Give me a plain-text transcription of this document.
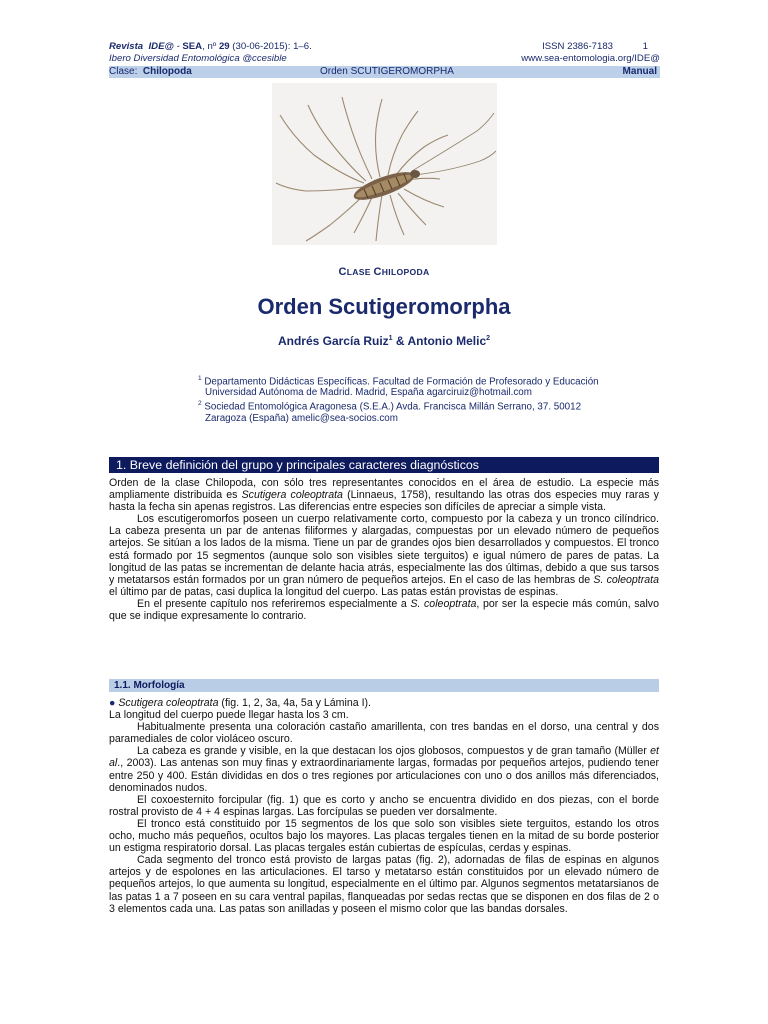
Revista IDE@ - SEA, nº 29 (30-06-2015): 1–6.	ISSN 2386-7183	1
Ibero Diversidad Entomológica @ccesible	www.sea-entomologia.org/IDE@
Clase: Chilopoda	Orden SCUTIGEROMORPHA	Manual
CLASE CHILOPODA
Orden Scutigeromorpha
Andrés García Ruiz$^1$ & Antonio Melic$^2$
$^1$ Departamento Didácticas Específicas. Facultad de Formación de Profesorado y Educación
Universidad Autónoma de Madrid. Madrid, España agarciruiz@hotmail.com
$^2$ Sociedad Entomológica Aragonesa (S.E.A.) Avda. Francisca Millán Serrano, 37. 50012
Zaragoza (España) amelic@sea-socios.com
1. Breve definición del grupo y principales caracteres diagnósticos

Orden de la clase Chilopoda, con sólo tres representantes conocidos en el área de estudio. La especie más ampliamente distribuida es Scutigera coleoptrata (Linnaeus, 1758), resultando las otras dos especies muy raras y hasta la fecha sin apenas registros. Las diferencias entre especies son difíciles de apreciar a simple vista.

Los escutigeromorfos poseen un cuerpo relativamente corto, compuesto por la cabeza y un tronco cilíndrico. La cabeza presenta un par de antenas filiformes y alargadas, compuestas por un elevado número de pequeños artejos. Se sitúan a los lados de la misma. Tiene un par de grandes ojos bien desarrollados y compuestos. El tronco está formado por 15 segmentos (aunque solo son visibles siete terguitos) e igual número de pares de patas. La longitud de las patas se incrementan de delante hacia atrás, especialmente las dos últimas, debido a que sus tarsos y metatarsos están formados por un gran número de pequeños artejos. En el caso de las hembras de S. coleoptrata el último par de patas, casi duplica la longitud del cuerpo. Las patas están provistas de espinas.

En el presente capítulo nos referiremos especialmente a S. coleoptrata, por ser la especie más común, salvo que se indique expresamente lo contrario.

1.1. Morfología

● Scutigera coleoptrata (fig. 1, 2, 3a, 4a, 5a y Lámina I).

La longitud del cuerpo puede llegar hasta los 3 cm.

Habitualmente presenta una coloración castaño amarillenta, con tres bandas en el dorso, una central y dos paramediales de color violáceo oscuro.

La cabeza es grande y visible, en la que destacan los ojos globosos, compuestos y de gran tamaño (Müller et al., 2003). Las antenas son muy finas y extraordinariamente largas, formadas por pequeños artejos, pudiendo tener entre 250 y 400. Están divididas en dos o tres regiones por articulaciones con uno o dos anillos más diferenciados, denominados nudos.

El coxoesternito forcipular (fig. 1) que es corto y ancho se encuentra dividido en dos piezas, con el borde rostral provisto de 4 + 4 espinas largas. Las forcípulas se pueden ver dorsalmente.

El tronco está constituido por 15 segmentos de los que solo son visibles siete terguitos, estando los otros ocho, mucho más pequeños, ocultos bajo los mayores. Las placas tergales tienen en la mitad de su borde posterior un estigma respiratorio dorsal. Las placas tergales están cubiertas de espículas, cerdas y espinas.

Cada segmento del tronco está provisto de largas patas (fig. 2), adornadas de filas de espinas en algunos artejos y de espolones en las articulaciones. El tarso y metatarso están constituidos por un elevado número de pequeños artejos, lo que aumenta su longitud, especialmente en el último par. Algunos segmentos metatarsianos de las patas 1 a 7 poseen en su cara ventral papilas, flanqueadas por sedas rectas que se disponen en dos filas de 2 o 3 elementos cada una. Las patas son anilladas y poseen el mismo color que las bandas dorsales.
